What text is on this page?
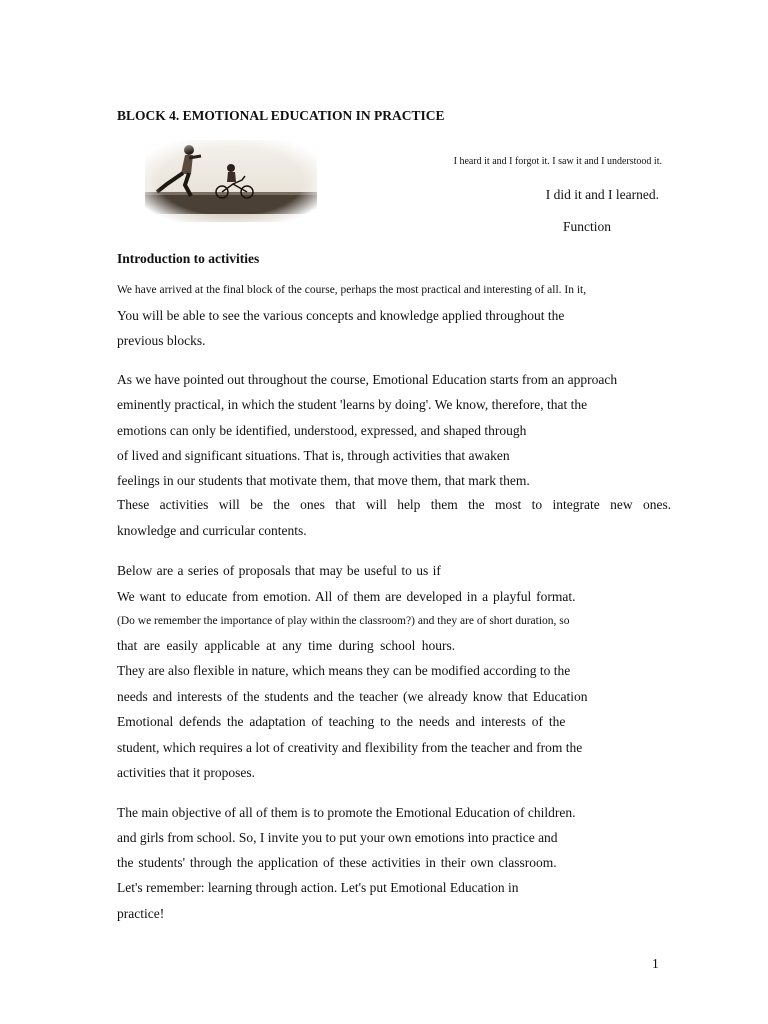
BLOCK 4. EMOTIONAL EDUCATION IN PRACTICE
I heard it and I forgot it. I saw it and I understood it.
I did it and I learned.
Function
Introduction to activities
We have arrived at the final block of the course, perhaps the most practical and interesting of all. In it,
You will be able to see the various concepts and knowledge applied throughout the
previous blocks.
As we have pointed out throughout the course, Emotional Education starts from an approach
eminently practical, in which the student 'learns by doing'. We know, therefore, that the
emotions can only be identified, understood, expressed, and shaped through
of lived and significant situations. That is, through activities that awaken
feelings in our students that motivate them, that move them, that mark them.
These activities will be the ones that will help them the most to integrate new ones.
knowledge and curricular contents.
Below are a series of proposals that may be useful to us if
We want to educate from emotion. All of them are developed in a playful format.
(Do we remember the importance of play within the classroom?) and they are of short duration, so
that are easily applicable at any time during school hours.
They are also flexible in nature, which means they can be modified according to the
needs and interests of the students and the teacher (we already know that Education
Emotional defends the adaptation of teaching to the needs and interests of the
student, which requires a lot of creativity and flexibility from the teacher and from the
activities that it proposes.
The main objective of all of them is to promote the Emotional Education of children.
and girls from school. So, I invite you to put your own emotions into practice and
the students' through the application of these activities in their own classroom.
Let's remember: learning through action. Let's put Emotional Education in
practice!
1
